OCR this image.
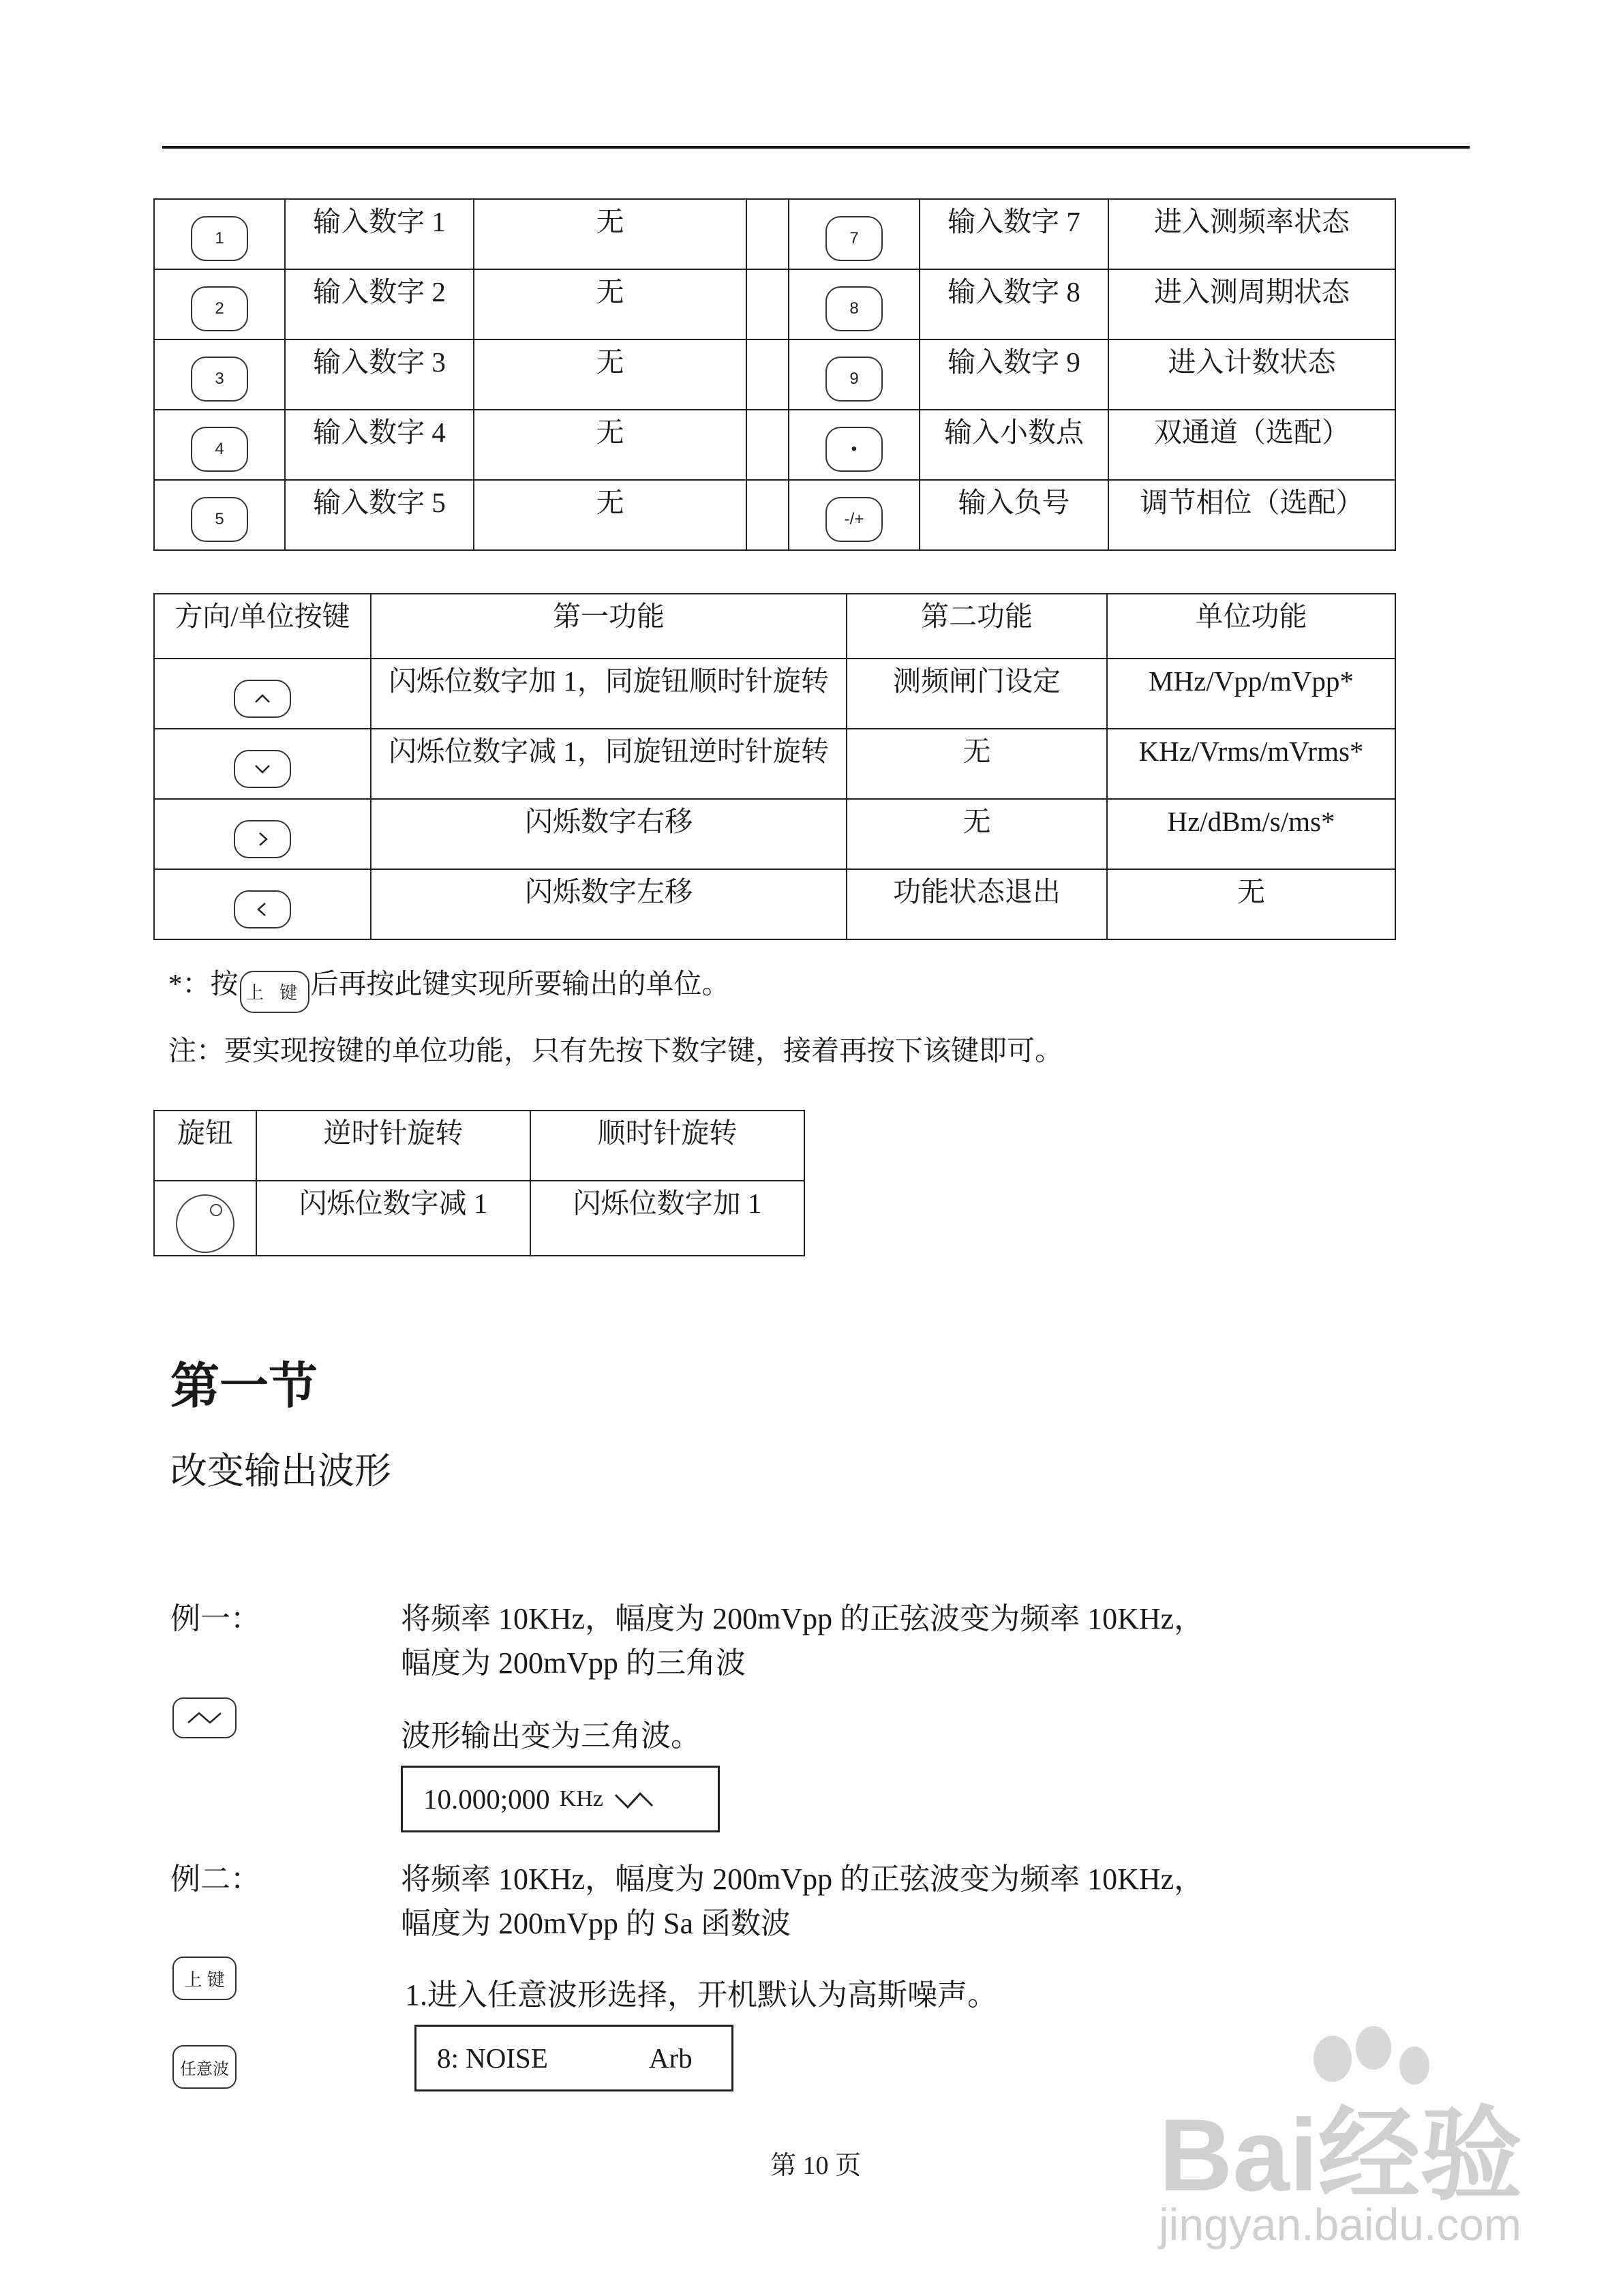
1	输入数字 1	无		7	输入数字 7	进入测频率状态
2	输入数字 2	无		8	输入数字 8	进入测周期状态
3	输入数字 3	无		9	输入数字 9	进入计数状态
4	输入数字 4	无		•	输入小数点	双通道（选配）
5	输入数字 5	无		-/+	输入负号	调节相位（选配）
方向/单位按键	第一功能	第二功能	单位功能

	闪烁位数字加 1，同旋钮顺时针旋转	测频闸门设定	MHz/Vpp/mVpp*

	闪烁位数字减 1，同旋钮逆时针旋转	无	KHz/Vrms/mVrms*

	闪烁数字右移	无	Hz/dBm/s/ms*

	闪烁数字左移	功能状态退出	无
*：按 上 键 后再按此键实现所要输出的单位。
注：要实现按键的单位功能，只有先按下数字键，接着再按下该键即可。
旋钮	逆时针旋转	顺时针旋转

	闪烁位数字减 1	闪烁位数字加 1
第一节
改变输出波形
例一：	将频率 10KHz，幅度为 200mVpp 的正弦波变为频率 10KHz，
幅度为 200mVpp 的三角波
波形输出变为三角波。
10.000;000 KHz
例二：	将频率 10KHz，幅度为 200mVpp 的正弦波变为频率 10KHz，
幅度为 200mVpp 的 Sa 函数波
上 键	1.进入任意波形选择，开机默认为高斯噪声。
任意波	8: NOISE	Arb
第 10 页	Bai经验
jingyan.baidu.com
